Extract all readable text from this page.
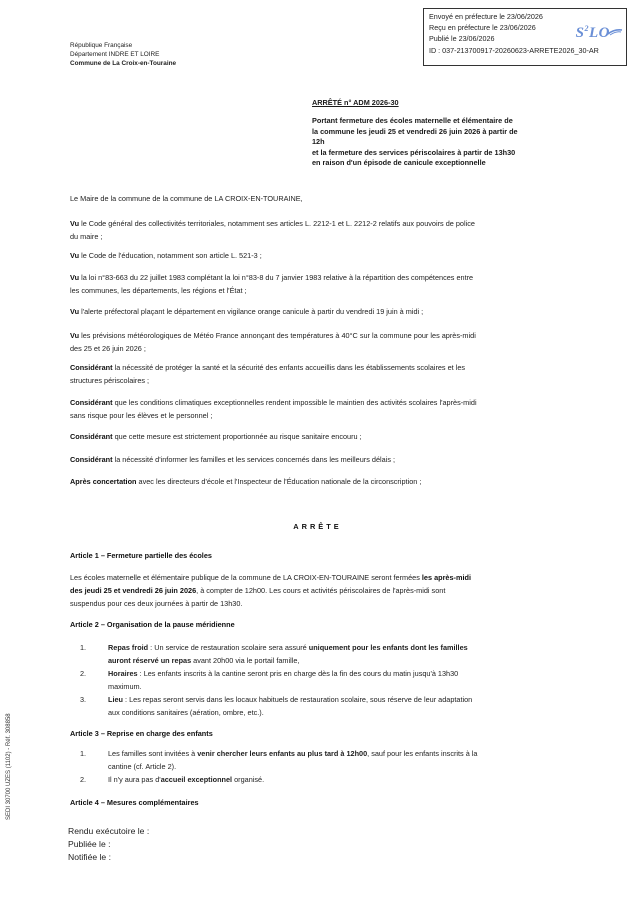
Envoyé en préfecture le 23/06/2026
Reçu en préfecture le 23/06/2026
Publié le 23/06/2026
ID : 037-213700917-20260623-ARRETE2026_30-AR
$S^2LO$
République Française
Département INDRE ET LOIRE
Commune de La Croix-en-Touraine
ARRÊTÉ n° ADM 2026-30
Portant fermeture des écoles maternelle et élémentaire de
la commune les jeudi 25 et vendredi 26 juin 2026 à partir de
12h
et la fermeture des services périscolaires à partir de 13h30
en raison d'un épisode de canicule exceptionnelle
Le Maire de la commune de la commune de LA CROIX-EN-TOURAINE,
Vu le Code général des collectivités territoriales, notamment ses articles L. 2212-1 et L. 2212-2 relatifs aux pouvoirs de police
du maire ;
Vu le Code de l'éducation, notamment son article L. 521-3 ;
Vu la loi n°83-663 du 22 juillet 1983 complétant la loi n°83-8 du 7 janvier 1983 relative à la répartition des compétences entre
les communes, les départements, les régions et l'État ;
Vu l'alerte préfectoral plaçant le département en vigilance orange canicule à partir du vendredi 19 juin à midi ;
Vu les prévisions météorologiques de Météo France annonçant des températures à 40°C sur la commune pour les après-midi
des 25 et 26 juin 2026 ;
Considérant la nécessité de protéger la santé et la sécurité des enfants accueillis dans les établissements scolaires et les
structures périscolaires ;
Considérant que les conditions climatiques exceptionnelles rendent impossible le maintien des activités scolaires l'après-midi
sans risque pour les élèves et le personnel ;
Considérant que cette mesure est strictement proportionnée au risque sanitaire encouru ;
Considérant la nécessité d'informer les familles et les services concernés dans les meilleurs délais ;
Après concertation avec les directeurs d'école et l'Inspecteur de l'Éducation nationale de la circonscription ;
ARRÊTE
Article 1 – Fermeture partielle des écoles
Les écoles maternelle et élémentaire publique de la commune de LA CROIX-EN-TOURAINE seront fermées les après-midi
des jeudi 25 et vendredi 26 juin 2026, à compter de 12h00. Les cours et activités périscolaires de l'après-midi sont
suspendus pour ces deux journées à partir de 13h30.
Article 2 – Organisation de la pause méridienne
1.	Repas froid : Un service de restauration scolaire sera assuré uniquement pour les enfants dont les familles
auront réservé un repas avant 20h00 via le portail famille,
2.	Horaires : Les enfants inscrits à la cantine seront pris en charge dès la fin des cours du matin jusqu'à 13h30
maximum.
3.	Lieu : Les repas seront servis dans les locaux habituels de restauration scolaire, sous réserve de leur adaptation
aux conditions sanitaires (aération, ombre, etc.).
Article 3 – Reprise en charge des enfants
1.	Les familles sont invitées à venir chercher leurs enfants au plus tard à 12h00, sauf pour les enfants inscrits à la
cantine (cf. Article 2).
2.	Il n'y aura pas d'accueil exceptionnel organisé.
Article 4 – Mesures complémentaires
Rendu exécutoire le :
Publiée le :
Notifiée le :
SEDI 30700 UZES (1102) - Réf. 308858
